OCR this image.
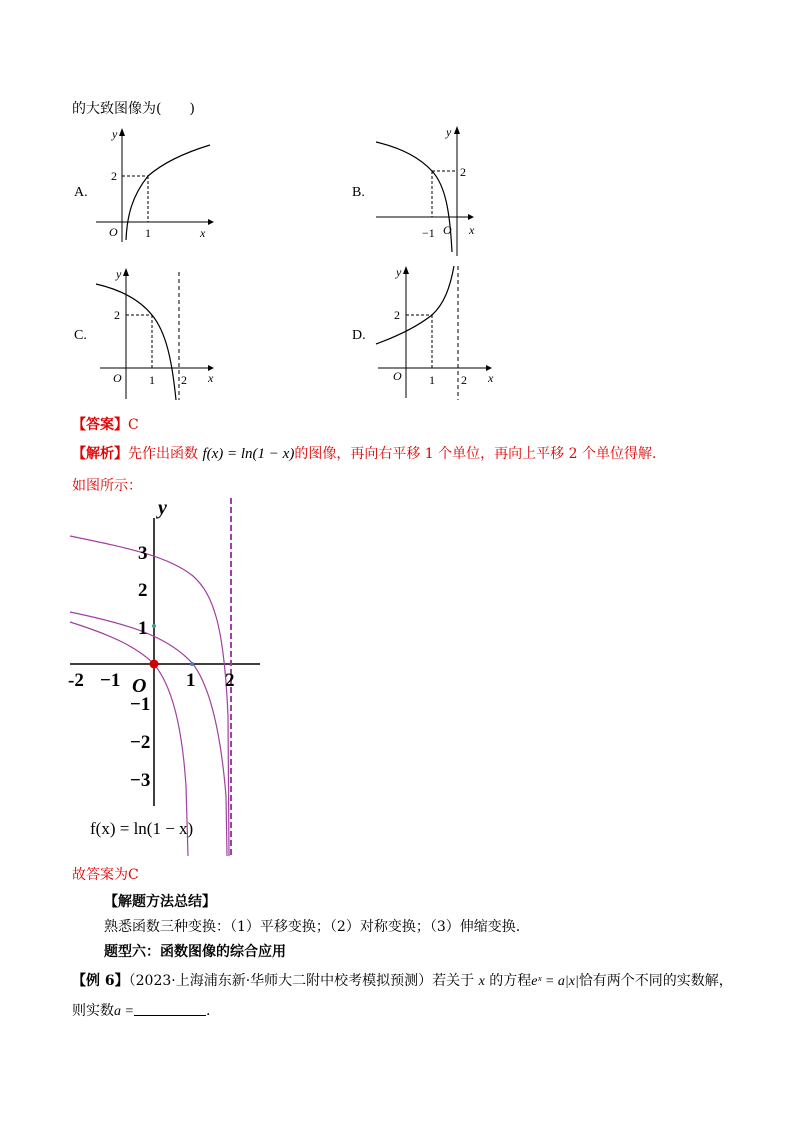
的大致图像为(　　)
A.
y
x
O 1
2
B.
y
x
O
−1
2
C.
y
x
O 1 2
2
D.
y
x
O 1 2
2
【答案】C
【解析】先作出函数 f(x) = ln(1 − x)的图像，再向右平移 1 个单位，再向上平移 2 个单位得解.
如图所示：
y
O
-2 −1	1 2
3
2
1
−1
−2
−3
f(x) = ln(1 − x)
故答案为C
【解题方法总结】
熟悉函数三种变换：（1）平移变换；（2）对称变换；（3）伸缩变换.
题型六：函数图像的综合应用
【例 6】（2023·上海浦东新·华师大二附中校考模拟预测）若关于 x 的方程eˣ = a|x|恰有两个不同的实数解，
则实数a =	.
